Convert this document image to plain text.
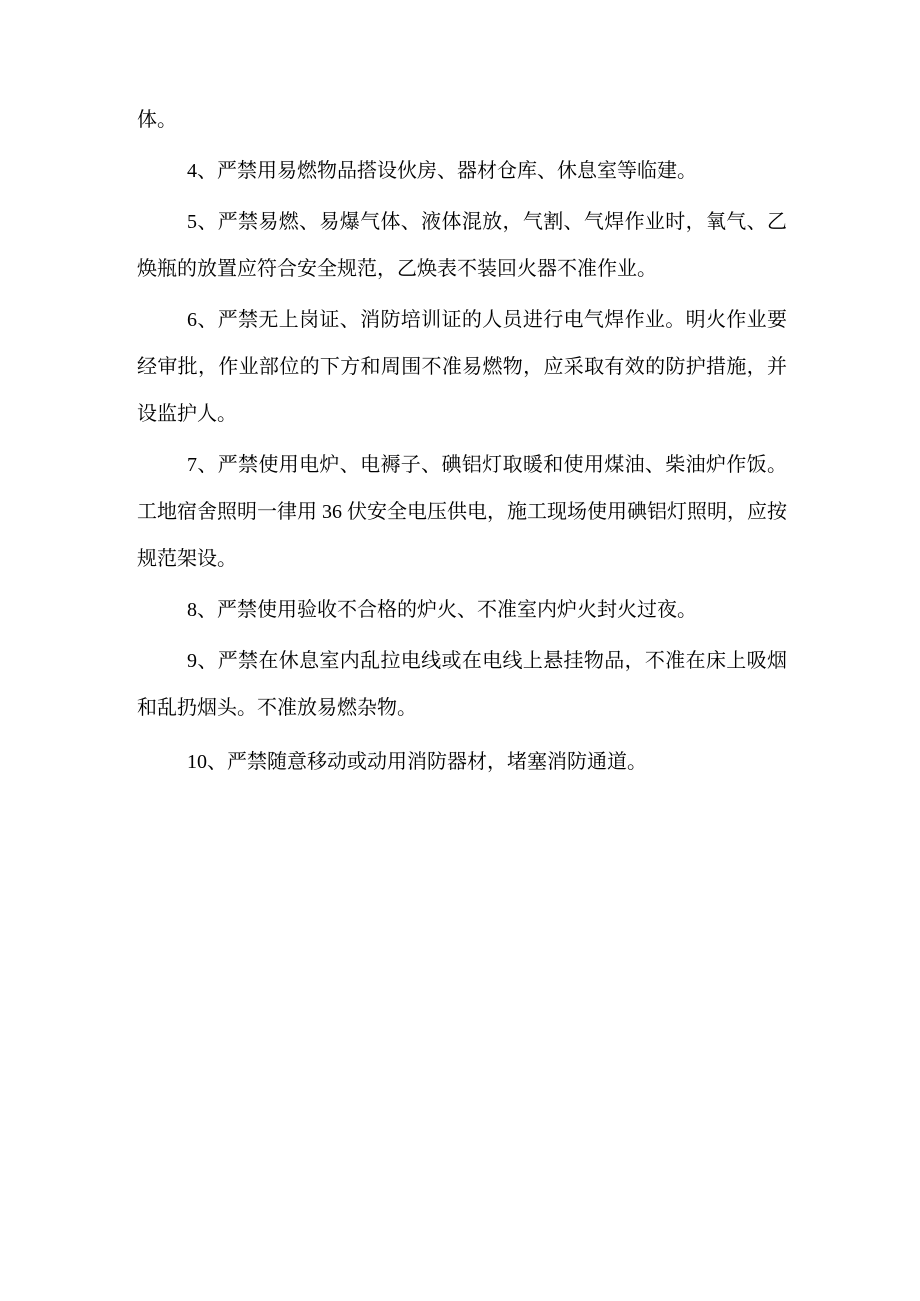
体。

4、严禁用易燃物品搭设伙房、器材仓库、休息室等临建。

5、严禁易燃、易爆气体、液体混放，气割、气焊作业时，氧气、乙焕瓶的放置应符合安全规范，乙焕表不装回火器不准作业。

6、严禁无上岗证、消防培训证的人员进行电气焊作业。明火作业要经审批，作业部位的下方和周围不准易燃物，应采取有效的防护措施，并设监护人。

7、严禁使用电炉、电褥子、碘铝灯取暖和使用煤油、柴油炉作饭。工地宿舍照明一律用 36 伏安全电压供电，施工现场使用碘铝灯照明，应按规范架设。

8、严禁使用验收不合格的炉火、不准室内炉火封火过夜。

9、严禁在休息室内乱拉电线或在电线上悬挂物品，不准在床上吸烟和乱扔烟头。不准放易燃杂物。

10、严禁随意移动或动用消防器材，堵塞消防通道。
